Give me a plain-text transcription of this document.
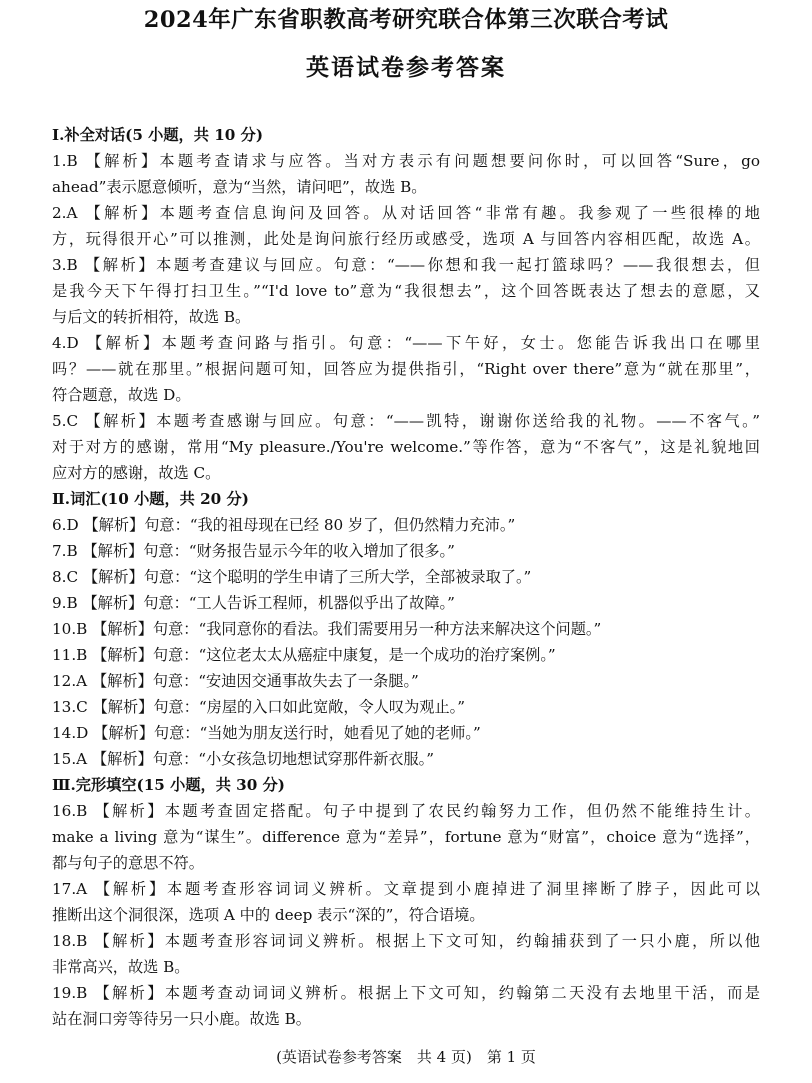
2024年广东省职教高考研究联合体第三次联合考试
英语试卷参考答案
Ⅰ.补全对话(5 小题，共 10 分)
1.B 【解析】本题考查请求与应答。当对方表示有问题想要问你时，可以回答“Sure，go
ahead”表示愿意倾听，意为“当然，请问吧”，故选 B。
2.A 【解析】本题考查信息询问及回答。从对话回答“非常有趣。我参观了一些很棒的地
方，玩得很开心”可以推测，此处是询问旅行经历或感受，选项 A 与回答内容相匹配，故选 A。
3.B 【解析】本题考查建议与回应。句意：“——你想和我一起打篮球吗？——我很想去，但
是我今天下午得打扫卫生。”“I'd love to”意为“我很想去”，这个回答既表达了想去的意愿，又
与后文的转折相符，故选 B。
4.D 【解析】本题考查问路与指引。句意：“——下午好，女士。您能告诉我出口在哪里
吗？——就在那里。”根据问题可知，回答应为提供指引，“Right over there”意为“就在那里”，
符合题意，故选 D。
5.C 【解析】本题考查感谢与回应。句意：“——凯特，谢谢你送给我的礼物。——不客气。”
对于对方的感谢，常用“My pleasure./You're welcome.”等作答，意为“不客气”，这是礼貌地回
应对方的感谢，故选 C。
Ⅱ.词汇(10 小题，共 20 分)
6.D 【解析】句意：“我的祖母现在已经 80 岁了，但仍然精力充沛。”
7.B 【解析】句意：“财务报告显示今年的收入增加了很多。”
8.C 【解析】句意：“这个聪明的学生申请了三所大学，全部被录取了。”
9.B 【解析】句意：“工人告诉工程师，机器似乎出了故障。”
10.B 【解析】句意：“我同意你的看法。我们需要用另一种方法来解决这个问题。”
11.B 【解析】句意：“这位老太太从癌症中康复，是一个成功的治疗案例。”
12.A 【解析】句意：“安迪因交通事故失去了一条腿。”
13.C 【解析】句意：“房屋的入口如此宽敞，令人叹为观止。”
14.D 【解析】句意：“当她为朋友送行时，她看见了她的老师。”
15.A 【解析】句意：“小女孩急切地想试穿那件新衣服。”
Ⅲ.完形填空(15 小题，共 30 分)
16.B 【解析】本题考查固定搭配。句子中提到了农民约翰努力工作，但仍然不能维持生计。
make a living 意为“谋生”。difference 意为“差异”，fortune 意为“财富”，choice 意为“选择”，
都与句子的意思不符。
17.A 【解析】本题考查形容词词义辨析。文章提到小鹿掉进了洞里摔断了脖子，因此可以
推断出这个洞很深，选项 A 中的 deep 表示“深的”，符合语境。
18.B 【解析】本题考查形容词词义辨析。根据上下文可知，约翰捕获到了一只小鹿，所以他
非常高兴，故选 B。
19.B 【解析】本题考查动词词义辨析。根据上下文可知，约翰第二天没有去地里干活，而是
站在洞口旁等待另一只小鹿。故选 B。
(英语试卷参考答案　共 4 页)　第 1 页
